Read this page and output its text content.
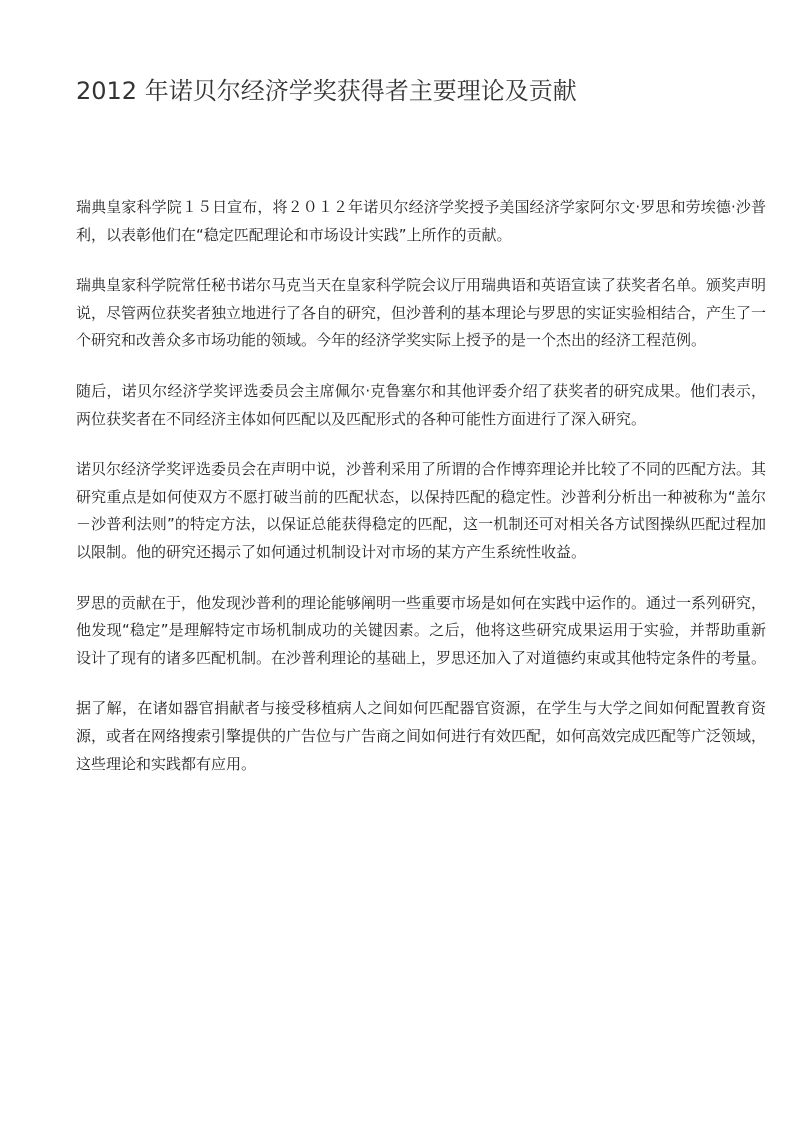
2012 年诺贝尔经济学奖获得者主要理论及贡献

瑞典皇家科学院１５日宣布，将２０１２年诺贝尔经济学奖授予美国经济学家阿尔文·罗思和劳埃德·沙普利，以表彰他们在“稳定匹配理论和市场设计实践”上所作的贡献。

瑞典皇家科学院常任秘书诺尔马克当天在皇家科学院会议厅用瑞典语和英语宣读了获奖者名单。颁奖声明说，尽管两位获奖者独立地进行了各自的研究，但沙普利的基本理论与罗思的实证实验相结合，产生了一个研究和改善众多市场功能的领域。今年的经济学奖实际上授予的是一个杰出的经济工程范例。

随后，诺贝尔经济学奖评选委员会主席佩尔·克鲁塞尔和其他评委介绍了获奖者的研究成果。他们表示，两位获奖者在不同经济主体如何匹配以及匹配形式的各种可能性方面进行了深入研究。

诺贝尔经济学奖评选委员会在声明中说，沙普利采用了所谓的合作博弈理论并比较了不同的匹配方法。其研究重点是如何使双方不愿打破当前的匹配状态，以保持匹配的稳定性。沙普利分析出一种被称为“盖尔－沙普利法则”的特定方法，以保证总能获得稳定的匹配，这一机制还可对相关各方试图操纵匹配过程加以限制。他的研究还揭示了如何通过机制设计对市场的某方产生系统性收益。

罗思的贡献在于，他发现沙普利的理论能够阐明一些重要市场是如何在实践中运作的。通过一系列研究，他发现“稳定”是理解特定市场机制成功的关键因素。之后，他将这些研究成果运用于实验，并帮助重新设计了现有的诸多匹配机制。在沙普利理论的基础上，罗思还加入了对道德约束或其他特定条件的考量。

据了解，在诸如器官捐献者与接受移植病人之间如何匹配器官资源，在学生与大学之间如何配置教育资源，或者在网络搜索引擎提供的广告位与广告商之间如何进行有效匹配，如何高效完成匹配等广泛领域，这些理论和实践都有应用。
